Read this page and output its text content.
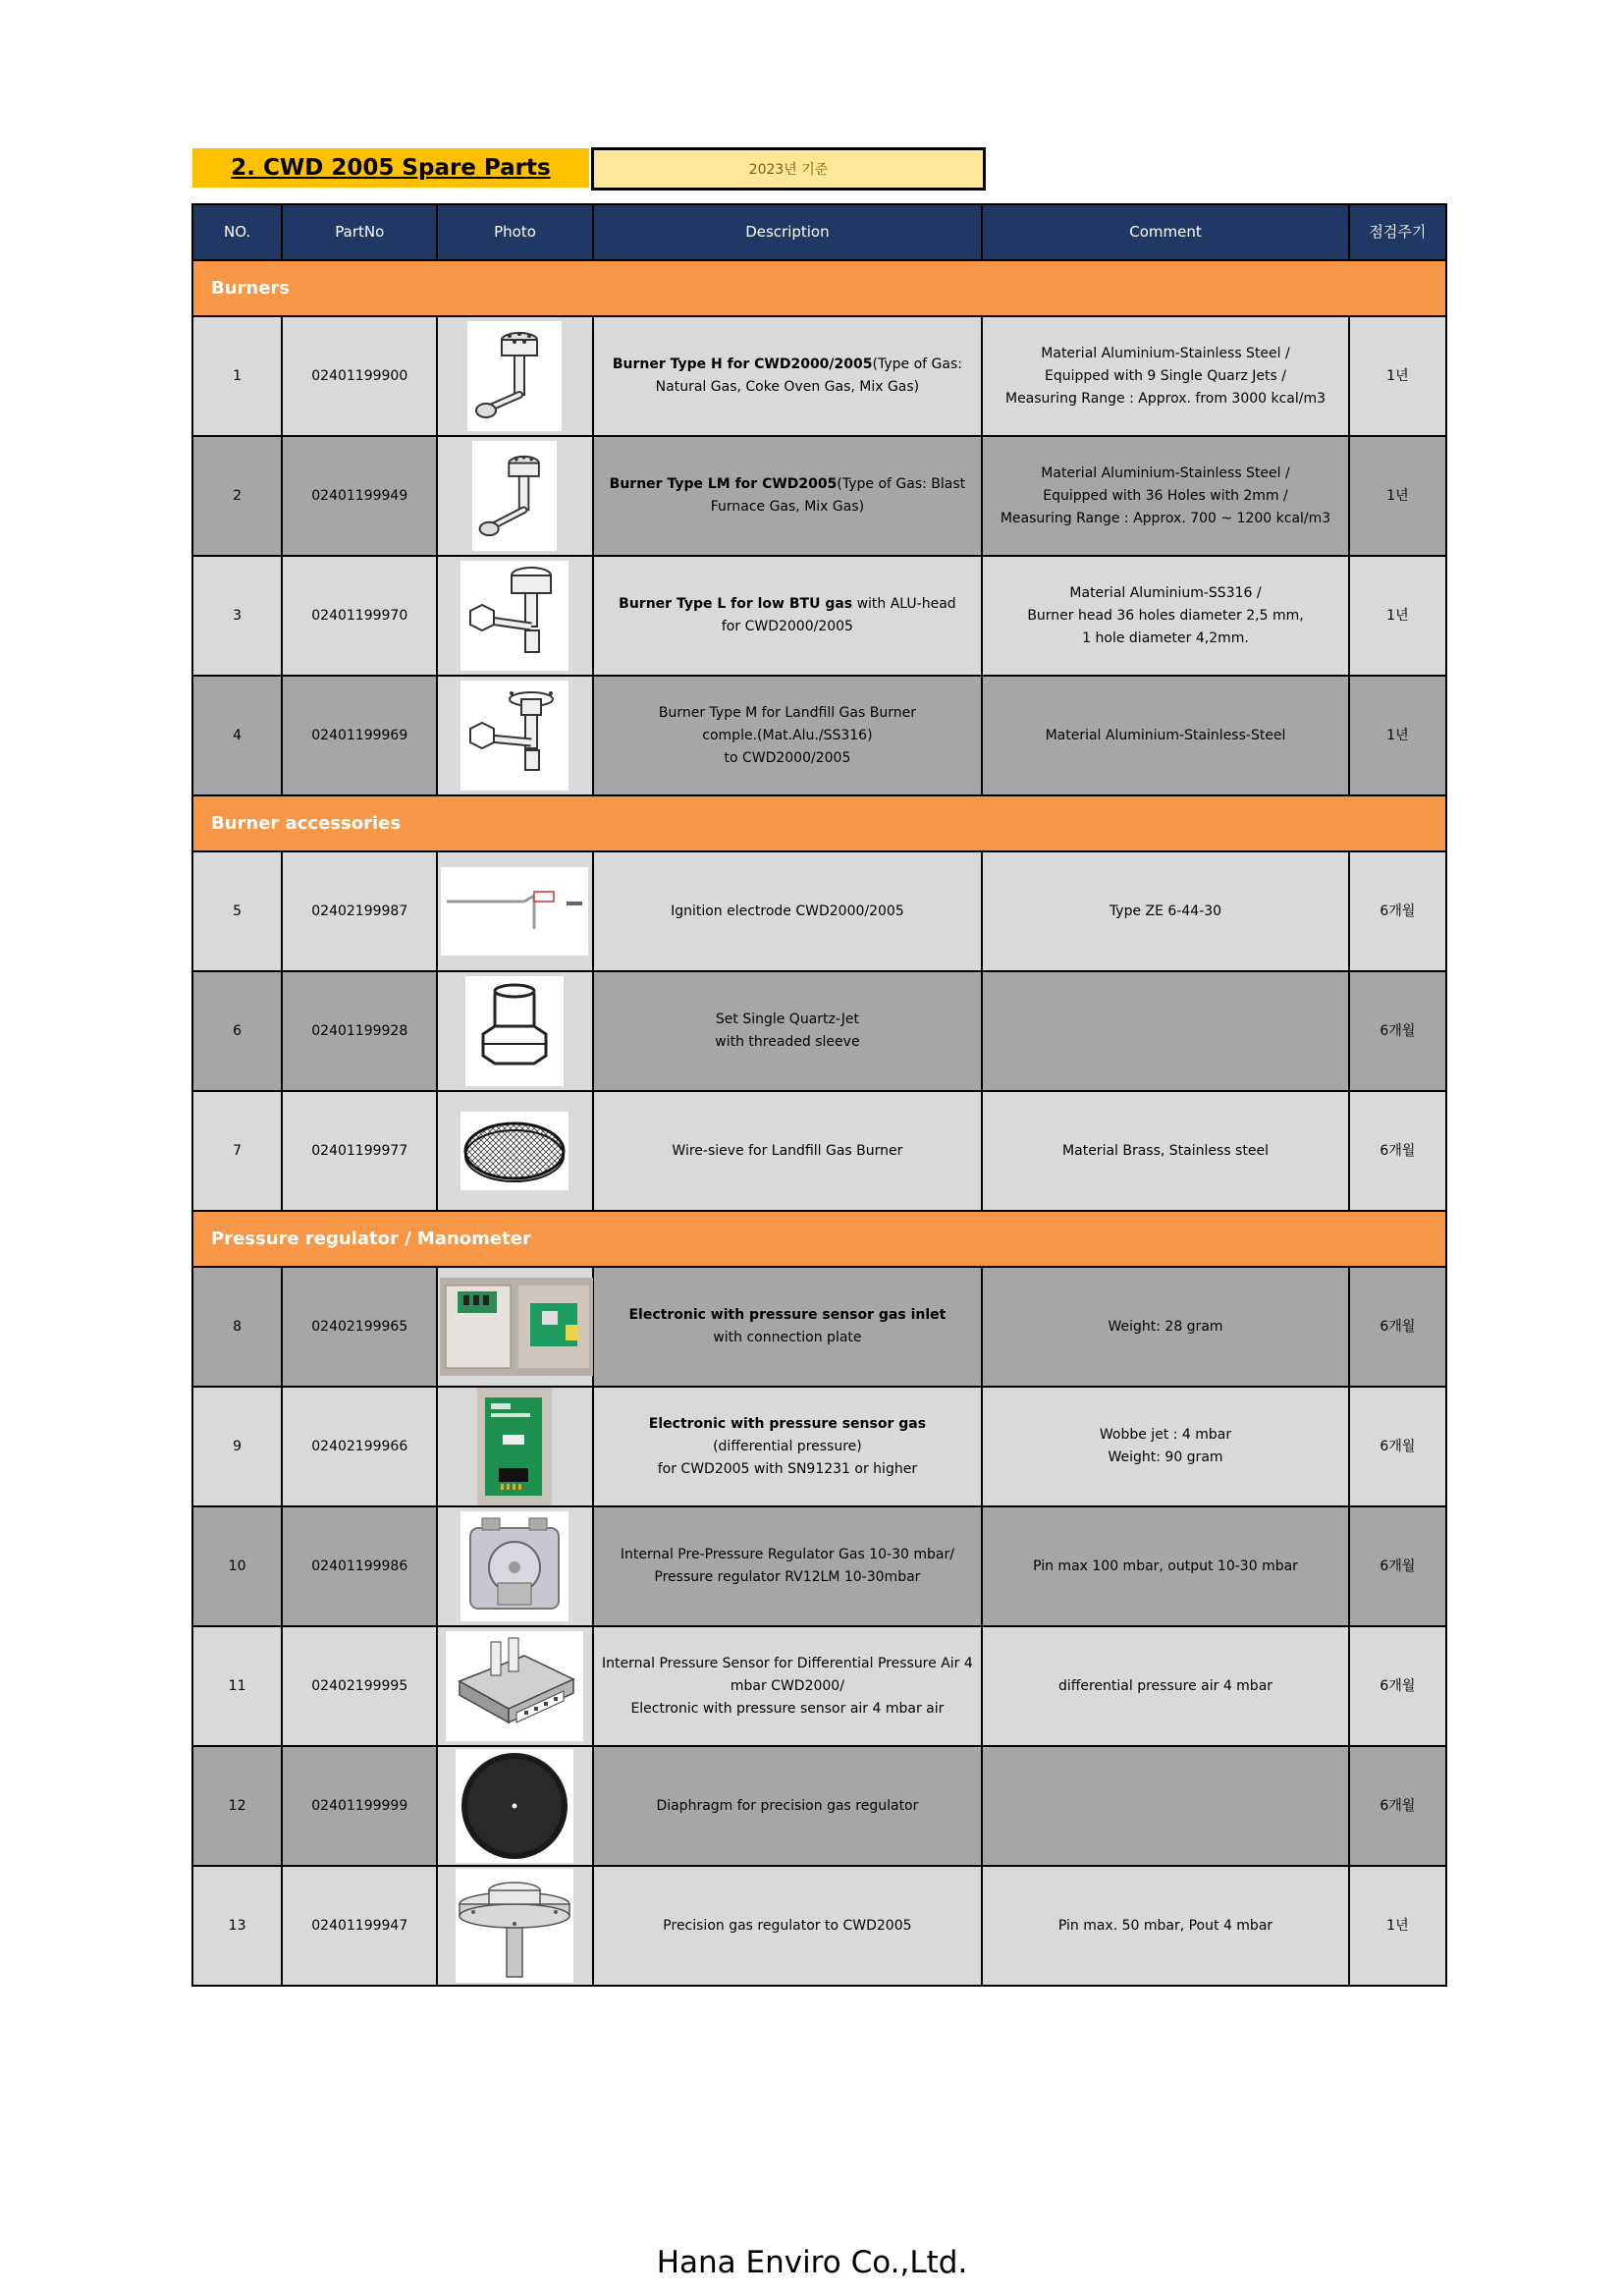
2. CWD 2005 Spare Parts	2023년 기준
NO.	PartNo	Photo	Description	Comment	점검주기
Burners					
1	02401199900		Burner Type H for CWD2000/2005(Type of Gas: Natural Gas, Coke Oven Gas, Mix Gas)	Material Aluminium-Stainless Steel /
Equipped with 9 Single Quarz Jets /
Measuring Range : Approx. from 3000 kcal/m3	1년
2	02401199949		Burner Type LM for CWD2005(Type of Gas: Blast Furnace Gas, Mix Gas)	Material Aluminium-Stainless Steel /
Equipped with 36 Holes with 2mm /
Measuring Range : Approx. 700 ~ 1200 kcal/m3	1년
3	02401199970		Burner Type L for low BTU gas with ALU-head
for CWD2000/2005	Material Aluminium-SS316 /
Burner head 36 holes diameter 2,5 mm,
1 hole diameter 4,2mm.	1년
4	02401199969		Burner Type M for Landfill Gas Burner
comple.(Mat.Alu./SS316)
to CWD2000/2005	Material Aluminium-Stainless-Steel	1년
Burner accessories					
5	02402199987		Ignition electrode CWD2000/2005	Type ZE 6-44-30	6개월
6	02401199928		Set Single Quartz-Jet
with threaded sleeve		6개월
7	02401199977		Wire-sieve for Landfill Gas Burner	Material Brass, Stainless steel	6개월
Pressure regulator / Manometer					
8	02402199965		Electronic with pressure sensor gas inlet
with connection plate	Weight: 28 gram	6개월
9	02402199966		Electronic with pressure sensor gas
(differential pressure)
for CWD2005 with SN91231 or higher	Wobbe jet : 4 mbar
Weight: 90 gram	6개월
10	02401199986		Internal Pre-Pressure Regulator Gas 10-30 mbar/
Pressure regulator RV12LM 10-30mbar	Pin max 100 mbar, output 10-30 mbar	6개월
11	02402199995		Internal Pressure Sensor for Differential Pressure Air 4
mbar CWD2000/
Electronic with pressure sensor air 4 mbar air	differential pressure air 4 mbar	6개월
12	02401199999		Diaphragm for precision gas regulator		6개월
13	02401199947		Precision gas regulator to CWD2005	Pin max. 50 mbar, Pout 4 mbar	1년
Hana Enviro Co.,Ltd.
